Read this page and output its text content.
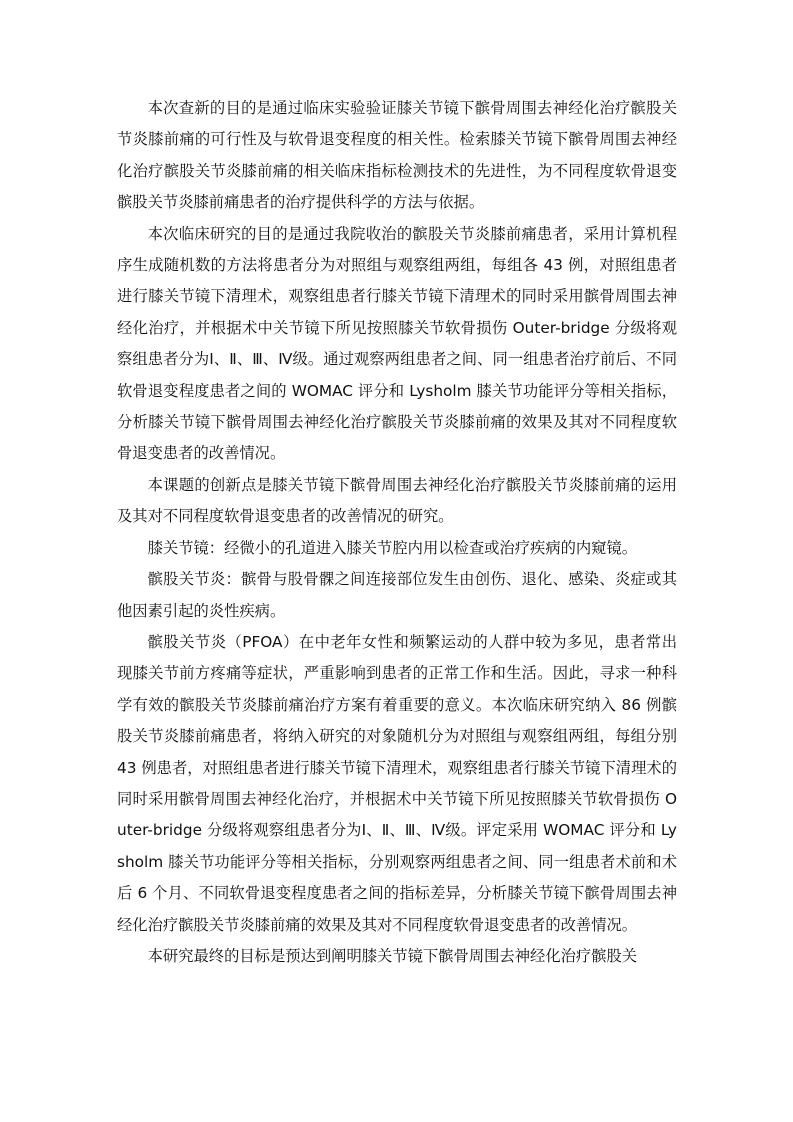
本次查新的目的是通过临床实验验证膝关节镜下髌骨周围去神经化治疗髌股关节炎膝前痛的可行性及与软骨退变程度的相关性。检索膝关节镜下髌骨周围去神经化治疗髌股关节炎膝前痛的相关临床指标检测技术的先进性，为不同程度软骨退变髌股关节炎膝前痛患者的治疗提供科学的方法与依据。

本次临床研究的目的是通过我院收治的髌股关节炎膝前痛患者，采用计算机程序生成随机数的方法将患者分为对照组与观察组两组，每组各 43 例，对照组患者进行膝关节镜下清理术，观察组患者行膝关节镜下清理术的同时采用髌骨周围去神经化治疗，并根据术中关节镜下所见按照膝关节软骨损伤 Outer-bridge 分级将观察组患者分为Ⅰ、Ⅱ、Ⅲ、Ⅳ级。通过观察两组患者之间、同一组患者治疗前后、不同软骨退变程度患者之间的 WOMAC 评分和 Lysholm 膝关节功能评分等相关指标，分析膝关节镜下髌骨周围去神经化治疗髌股关节炎膝前痛的效果及其对不同程度软骨退变患者的改善情况。

本课题的创新点是膝关节镜下髌骨周围去神经化治疗髌股关节炎膝前痛的运用及其对不同程度软骨退变患者的改善情况的研究。

膝关节镜：经微小的孔道进入膝关节腔内用以检查或治疗疾病的内窥镜。

髌股关节炎：髌骨与股骨髁之间连接部位发生由创伤、退化、感染、炎症或其他因素引起的炎性疾病。

髌股关节炎（PFOA）在中老年女性和频繁运动的人群中较为多见，患者常出现膝关节前方疼痛等症状，严重影响到患者的正常工作和生活。因此，寻求一种科学有效的髌股关节炎膝前痛治疗方案有着重要的意义。本次临床研究纳入 86 例髌股关节炎膝前痛患者，将纳入研究的对象随机分为对照组与观察组两组，每组分别 43 例患者，对照组患者进行膝关节镜下清理术，观察组患者行膝关节镜下清理术的同时采用髌骨周围去神经化治疗，并根据术中关节镜下所见按照膝关节软骨损伤 Outer-bridge 分级将观察组患者分为Ⅰ、Ⅱ、Ⅲ、Ⅳ级。评定采用 WOMAC 评分和 Lysholm 膝关节功能评分等相关指标，分别观察两组患者之间、同一组患者术前和术后 6 个月、不同软骨退变程度患者之间的指标差异，分析膝关节镜下髌骨周围去神经化治疗髌股关节炎膝前痛的效果及其对不同程度软骨退变患者的改善情况。

本研究最终的目标是预达到阐明膝关节镜下髌骨周围去神经化治疗髌股关
